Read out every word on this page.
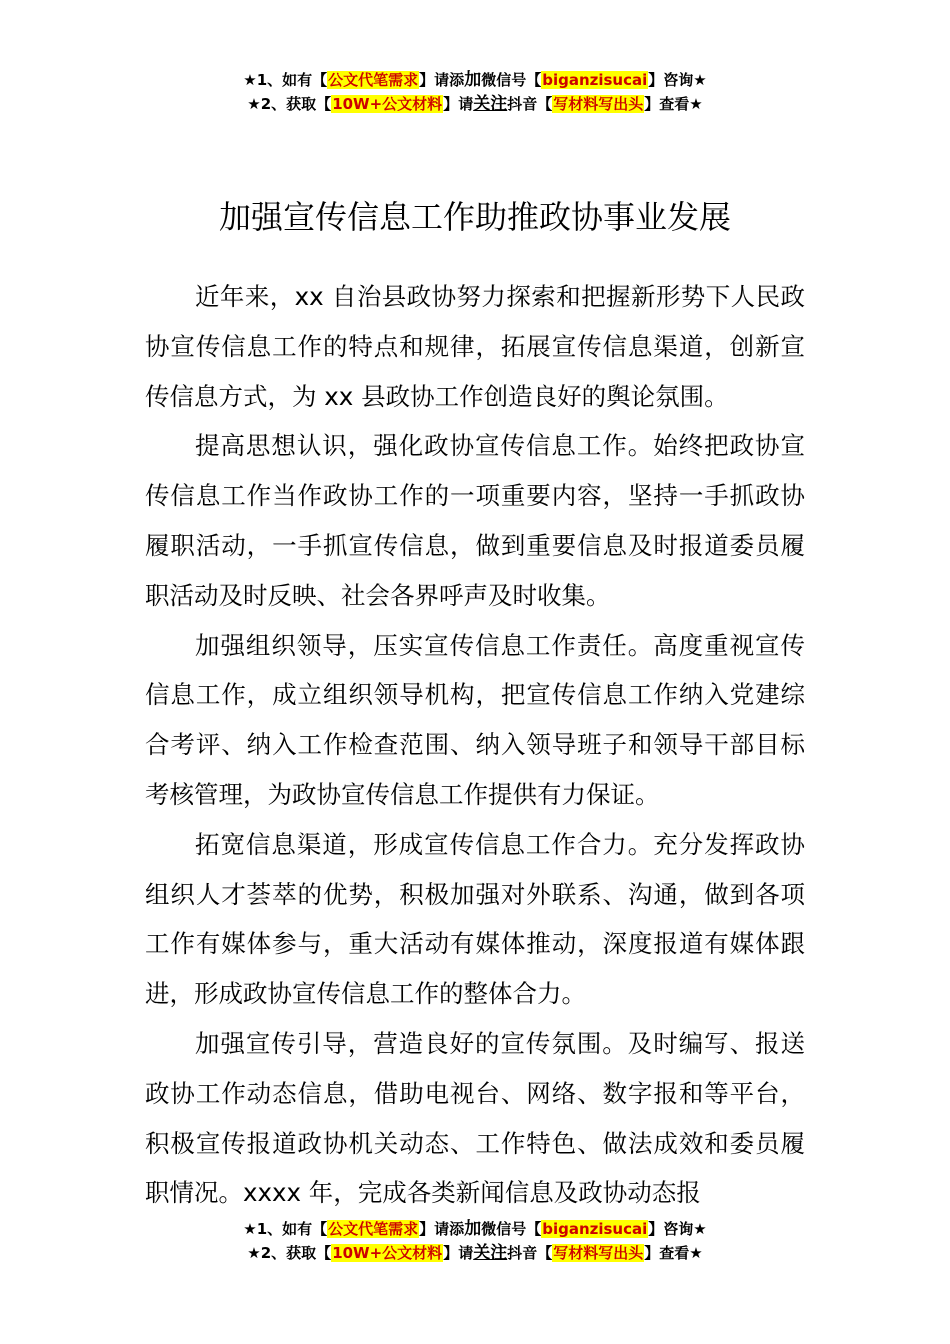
★1、如有【公文代笔需求】请添加微信号【biganzisucai】咨询★
★2、获取【10W+公文材料】请关注抖音【写材料写出头】查看★
加强宣传信息工作助推政协事业发展

近年来，xx 自治县政协努力探索和把握新形势下人民政协宣传信息工作的特点和规律，拓展宣传信息渠道，创新宣传信息方式，为 xx 县政协工作创造良好的舆论氛围。

提高思想认识，强化政协宣传信息工作。始终把政协宣传信息工作当作政协工作的一项重要内容，坚持一手抓政协履职活动，一手抓宣传信息，做到重要信息及时报道委员履职活动及时反映、社会各界呼声及时收集。

加强组织领导，压实宣传信息工作责任。高度重视宣传信息工作，成立组织领导机构，把宣传信息工作纳入党建综合考评、纳入工作检查范围、纳入领导班子和领导干部目标考核管理，为政协宣传信息工作提供有力保证。

拓宽信息渠道，形成宣传信息工作合力。充分发挥政协组织人才荟萃的优势，积极加强对外联系、沟通，做到各项工作有媒体参与，重大活动有媒体推动，深度报道有媒体跟进，形成政协宣传信息工作的整体合力。

加强宣传引导，营造良好的宣传氛围。及时编写、报送政协工作动态信息，借助电视台、网络、数字报和等平台，积极宣传报道政协机关动态、工作特色、做法成效和委员履职情况。xxxx 年，完成各类新闻信息及政协动态报

★1、如有【公文代笔需求】请添加微信号【biganzisucai】咨询★
★2、获取【10W+公文材料】请关注抖音【写材料写出头】查看★
